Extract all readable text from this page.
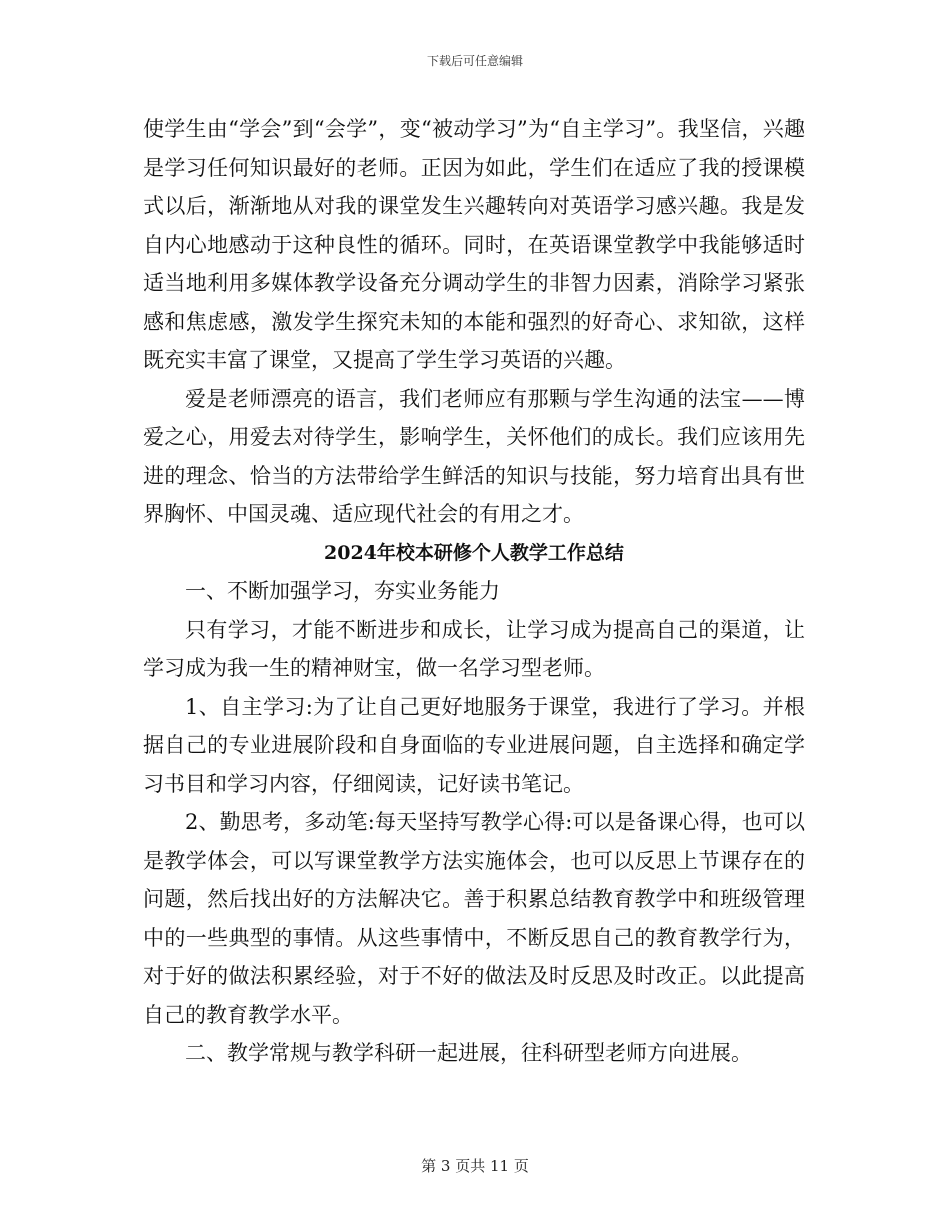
下载后可任意编辑

使学生由“学会”到“会学”，变“被动学习”为“自主学习”。我坚信，兴趣是学习任何知识最好的老师。正因为如此，学生们在适应了我的授课模式以后，渐渐地从对我的课堂发生兴趣转向对英语学习感兴趣。我是发自内心地感动于这种良性的循环。同时，在英语课堂教学中我能够适时适当地利用多媒体教学设备充分调动学生的非智力因素，消除学习紧张感和焦虑感，激发学生探究未知的本能和强烈的好奇心、求知欲，这样既充实丰富了课堂，又提高了学生学习英语的兴趣。

爱是老师漂亮的语言，我们老师应有那颗与学生沟通的法宝——博爱之心，用爱去对待学生，影响学生，关怀他们的成长。我们应该用先进的理念、恰当的方法带给学生鲜活的知识与技能，努力培育出具有世界胸怀、中国灵魂、适应现代社会的有用之才。

2024年校本研修个人教学工作总结

一、不断加强学习，夯实业务能力

只有学习，才能不断进步和成长，让学习成为提高自己的渠道，让学习成为我一生的精神财宝，做一名学习型老师。

1、自主学习:为了让自己更好地服务于课堂，我进行了学习。并根据自己的专业进展阶段和自身面临的专业进展问题，自主选择和确定学习书目和学习内容，仔细阅读，记好读书笔记。

2、勤思考，多动笔:每天坚持写教学心得:可以是备课心得，也可以是教学体会，可以写课堂教学方法实施体会，也可以反思上节课存在的问题，然后找出好的方法解决它。善于积累总结教育教学中和班级管理中的一些典型的事情。从这些事情中，不断反思自己的教育教学行为，对于好的做法积累经验，对于不好的做法及时反思及时改正。以此提高自己的教育教学水平。

二、教学常规与教学科研一起进展，往科研型老师方向进展。

第 3 页共 11 页
